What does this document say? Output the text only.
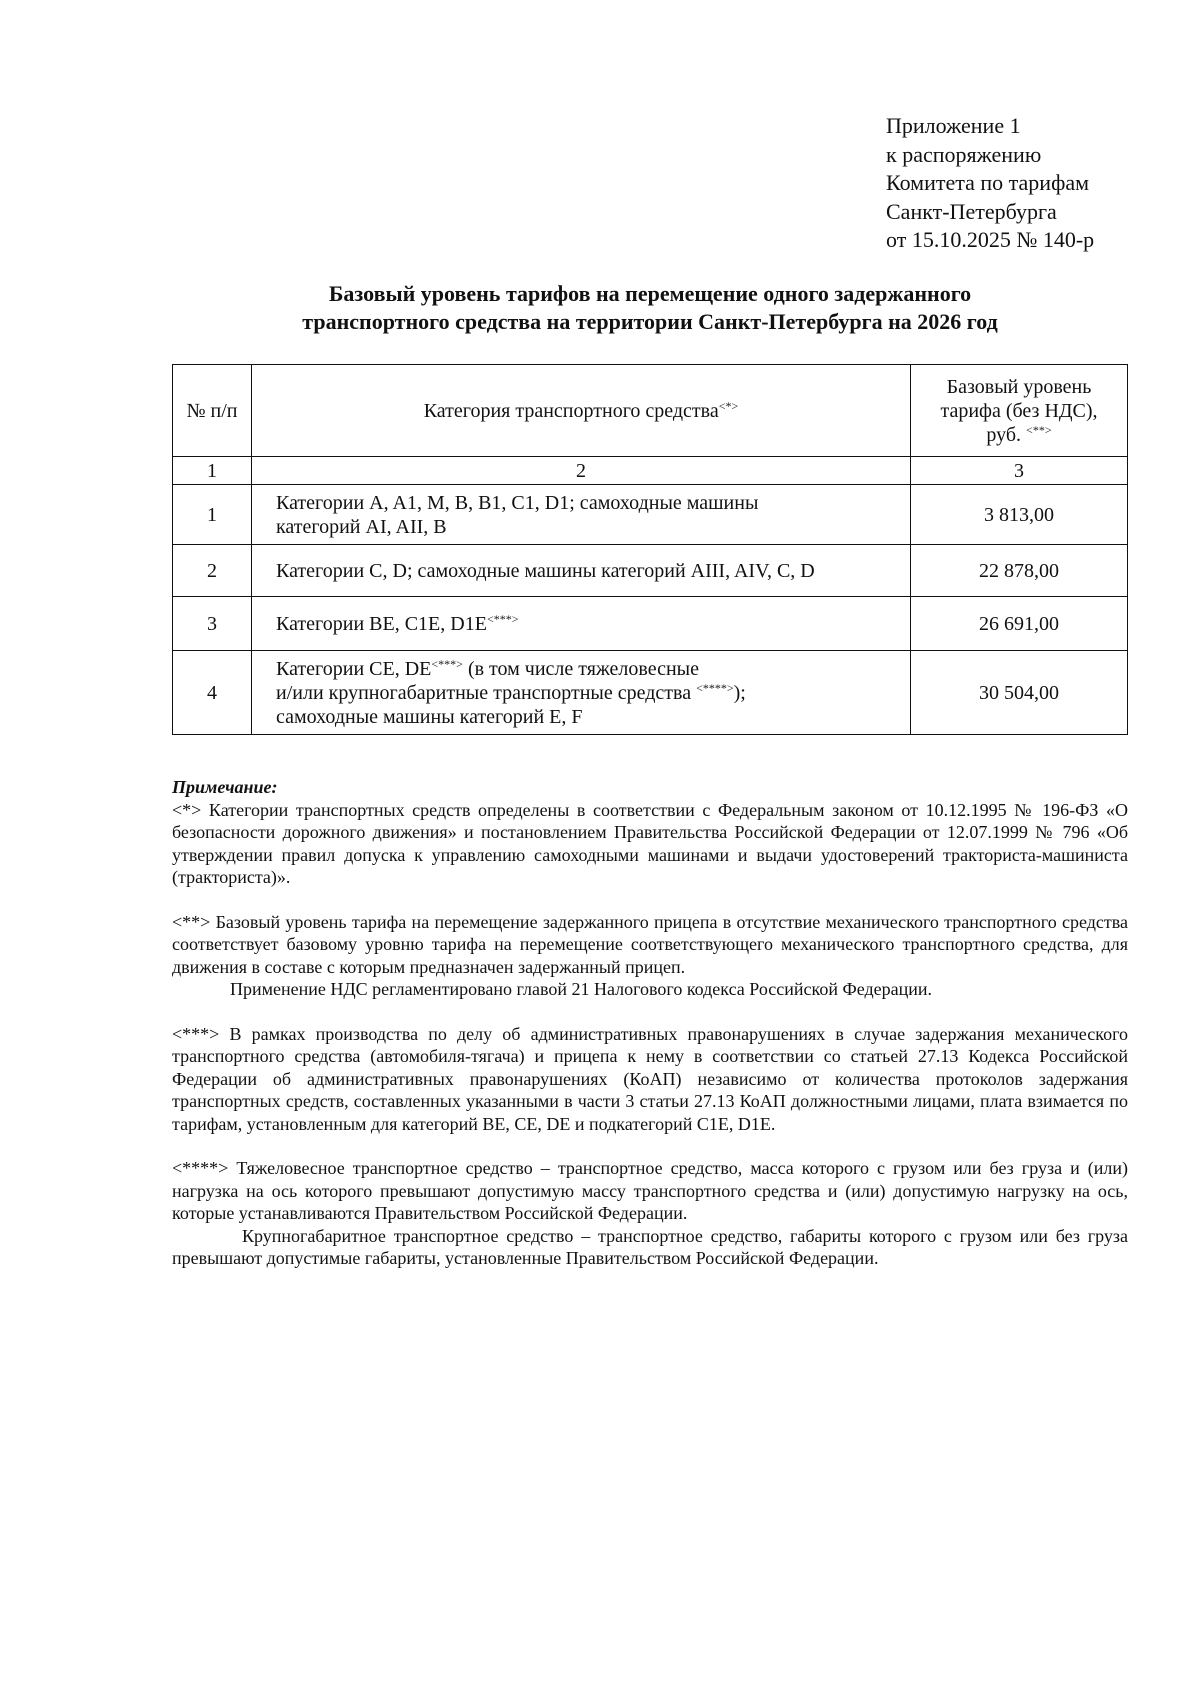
Приложение 1
к распоряжению
Комитета по тарифам
Санкт-Петербурга
от 15.10.2025 № 140-р
Базовый уровень тарифов на перемещение одного задержанного
транспортного средства на территории Санкт-Петербурга на 2026 год
№ п/п	Категория транспортного средства<*>	Базовый уровень
тарифа (без НДС),
руб. <**>

1	2	3
1	Категории A, A1, M, B, B1, C1, D1; самоходные машины
категорий AI, AII, B	3 813,00
2	Категории C, D; самоходные машины категорий AIII, AIV, C, D	22 878,00
3	Категории BE, C1E, D1E<***>	26 691,00
4	Категории CE, DE<***> (в том числе тяжеловесные
и/или крупногабаритные транспортные средства <****>);
самоходные машины категорий E, F	30 504,00

Примечание:

<*> Категории транспортных средств определены в соответствии с Федеральным законом от 10.12.1995 № 196-ФЗ «О безопасности дорожного движения» и постановлением Правительства Российской Федерации от 12.07.1999 № 796 «Об утверждении правил допуска к управлению самоходными машинами и выдачи удостоверений тракториста-машиниста (тракториста)».

<**> Базовый уровень тарифа на перемещение задержанного прицепа в отсутствие механического транспортного средства соответствует базовому уровню тарифа на перемещение соответствующего механического транспортного средства, для движения в составе с которым предназначен задержанный прицеп.

Применение НДС регламентировано главой 21 Налогового кодекса Российской Федерации.

<***> В рамках производства по делу об административных правонарушениях в случае задержания механического транспортного средства (автомобиля-тягача) и прицепа к нему в соответствии со статьей 27.13 Кодекса Российской Федерации об административных правонарушениях (КоАП) независимо от количества протоколов задержания транспортных средств, составленных указанными в части 3 статьи 27.13 КоАП должностными лицами, плата взимается по тарифам, установленным для категорий BE, CE, DE и подкатегорий C1E, D1E.

<****> Тяжеловесное транспортное средство – транспортное средство, масса которого с грузом или без груза и (или) нагрузка на ось которого превышают допустимую массу транспортного средства и (или) допустимую нагрузку на ось, которые устанавливаются Правительством Российской Федерации.

Крупногабаритное транспортное средство – транспортное средство, габариты которого с грузом или без груза превышают допустимые габариты, установленные Правительством Российской Федерации.
